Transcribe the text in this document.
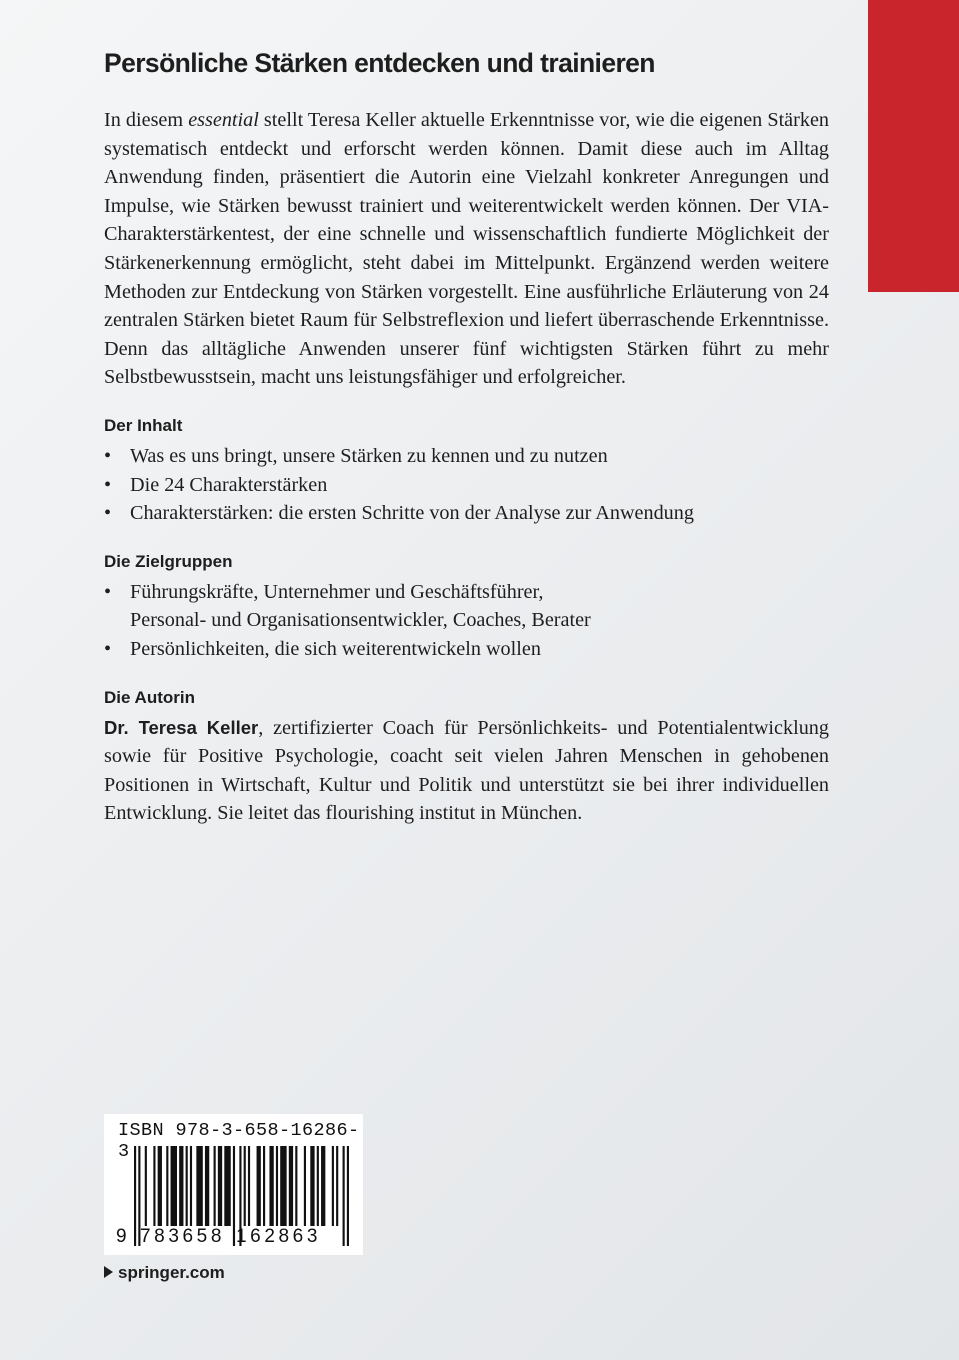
Persönliche Stärken entdecken und trainieren

In diesem essential stellt Teresa Keller aktuelle Erkenntnisse vor, wie die eigenen Stärken systematisch entdeckt und erforscht werden können. Damit diese auch im Alltag Anwendung finden, präsentiert die Autorin eine Vielzahl konkreter Anregungen und Impulse, wie Stärken bewusst trainiert und weiterentwickelt werden können. Der VIA-Charakterstärkentest, der eine schnelle und wissenschaftlich fundierte Möglichkeit der Stärkenerkennung ermöglicht, steht dabei im Mittelpunkt. Ergänzend werden weitere Methoden zur Entdeckung von Stärken vorgestellt. Eine ausführliche Erläuterung von 24 zentralen Stärken bietet Raum für Selbstreflexion und liefert überraschende Erkenntnisse. Denn das alltägliche Anwenden unserer fünf wichtigsten Stärken führt zu mehr Selbstbewusstsein, macht uns leistungsfähiger und erfolgreicher.

Der Inhalt
• Was es uns bringt, unsere Stärken zu kennen und zu nutzen
• Die 24 Charakterstärken
• Charakterstärken: die ersten Schritte von der Analyse zur Anwendung
Die Zielgruppen
• Führungskräfte, Unternehmer und Geschäftsführer,
Personal- und Organisationsentwickler, Coaches, Berater
• Persönlichkeiten, die sich weiterentwickeln wollen
Die Autorin

Dr. Teresa Keller, zertifizierter Coach für Persönlichkeits- und Potentialentwicklung sowie für Positive Psychologie, coacht seit vielen Jahren Menschen in gehobenen Positionen in Wirtschaft, Kultur und Politik und unterstützt sie bei ihrer individuellen Entwicklung. Sie leitet das flourishing institut in München.

ISBN 978-3-658-16286-3
9 783658 162863
springer.com
